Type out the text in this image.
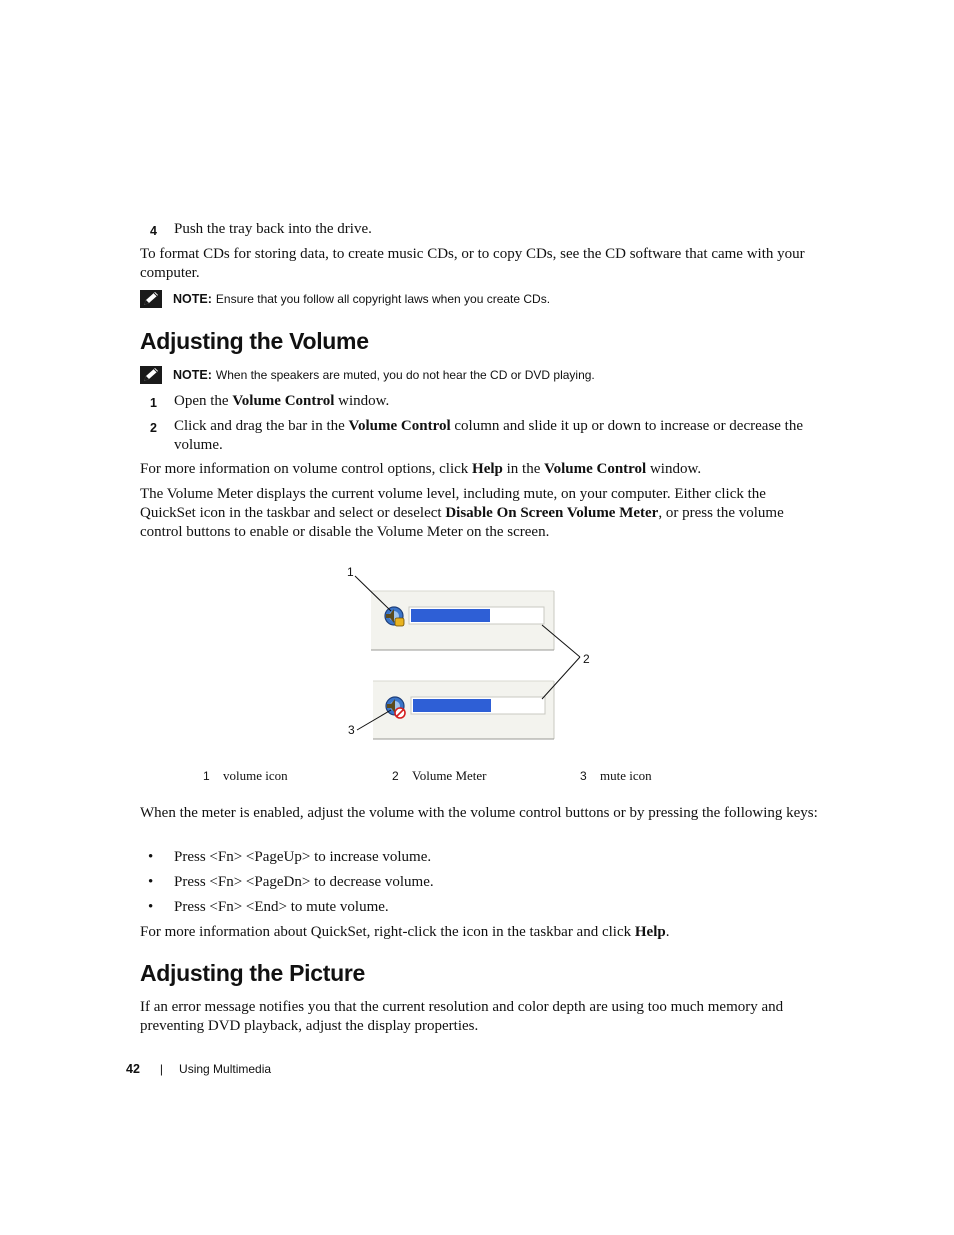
4	Push the tray back into the drive.
To format CDs for storing data, to create music CDs, or to copy CDs, see the CD software that came with your computer.
NOTE: Ensure that you follow all copyright laws when you create CDs.
Adjusting the Volume
NOTE: When the speakers are muted, you do not hear the CD or DVD playing.
1	Open the Volume Control window.
2	Click and drag the bar in the Volume Control column and slide it up or down to increase or decrease the volume.
For more information on volume control options, click Help in the Volume Control window.
The Volume Meter displays the current volume level, including mute, on your computer. Either click the QuickSet icon in the taskbar and select or deselect Disable On Screen Volume Meter, or press the volume control buttons to enable or disable the Volume Meter on the screen.
1
2
3
1	volume icon	2	Volume Meter	3	mute icon
When the meter is enabled, adjust the volume with the volume control buttons or by pressing the following keys:
•	Press <Fn> <PageUp> to increase volume.
•	Press <Fn> <PageDn> to decrease volume.
•	Press <Fn> <End> to mute volume.
For more information about QuickSet, right-click the icon in the taskbar and click Help.
Adjusting the Picture
If an error message notifies you that the current resolution and color depth are using too much memory and preventing DVD playback, adjust the display properties.
42 | Using Multimedia
